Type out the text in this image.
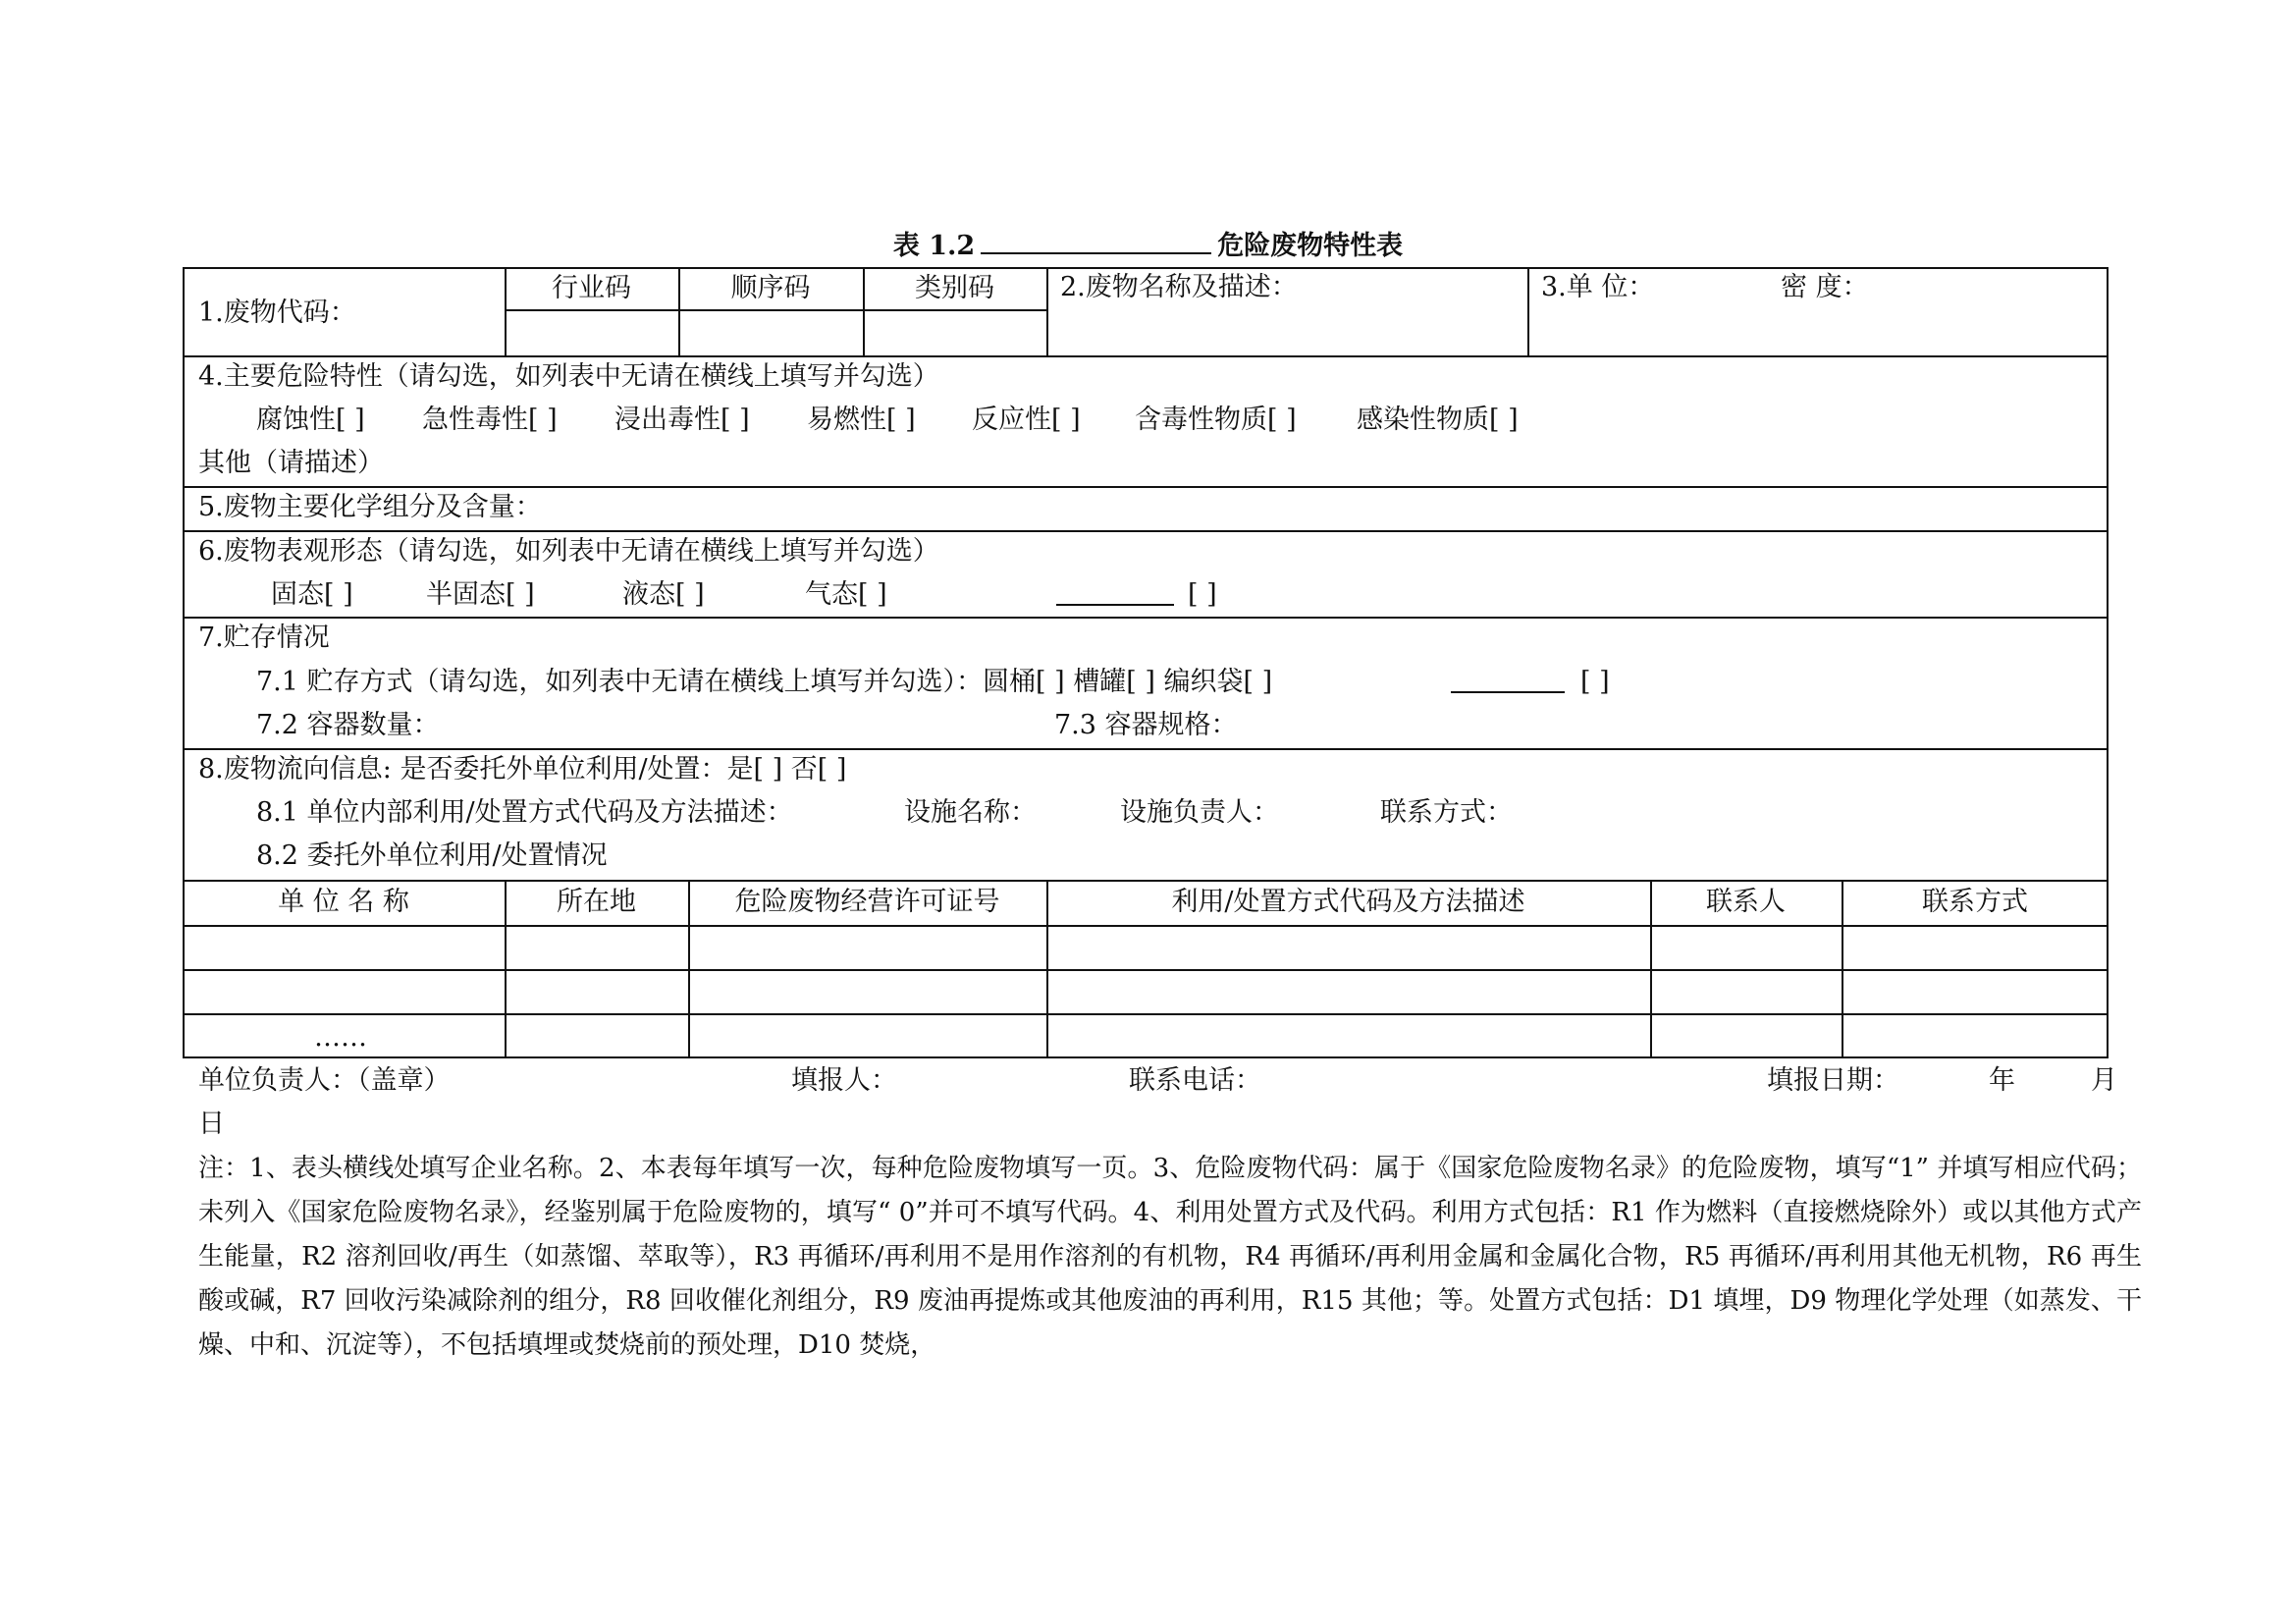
表 1.2	危险废物特性表
1.废物代码：
行业码	顺序码	类别码	2.废物名称及描述：	3.单 位：	密 度：
4.主要危险特性（请勾选，如列表中无请在横线上填写并勾选）
腐蚀性[ ] 急性毒性[ ] 浸出毒性[ ] 易燃性[ ] 反应性[ ] 含毒性物质[ ] 感染性物质[ ]
其他（请描述）
5.废物主要化学组分及含量：
6.废物表观形态（请勾选，如列表中无请在横线上填写并勾选）
固态[ ]	半固态[ ]	液态[ ]	气态[ ]	[ ]
7.贮存情况
7.1 贮存方式（请勾选，如列表中无请在横线上填写并勾选）：圆桶[ ] 槽罐[ ] 编织袋[ ]	[ ]
7.2 容器数量：	7.3 容器规格：
8.废物流向信息: 是否委托外单位利用/处置：是[ ] 否[ ]
8.1 单位内部利用/处置方式代码及方法描述：	设施名称：	设施负责人：	联系方式：
8.2 委托外单位利用/处置情况
单 位 名 称	所在地	危险废物经营许可证号	利用/处置方式代码及方法描述	联系人	联系方式
……
单位负责人：（盖章）	填报人：	联系电话：	填报日期：	年	月
日
注：1、表头横线处填写企业名称。2、本表每年填写一次，每种危险废物填写一页。3、危险废物代码：属于《国家危险废物名录》的危险废物，填写“1” 并填写相应代码；未列入《国家危险废物名录》，经鉴别属于危险废物的，填写“ 0”并可不填写代码。4、利用处置方式及代码。利用方式包括：R1 作为燃料（直接燃烧除外）或以其他方式产生能量，R2 溶剂回收/再生（如蒸馏、萃取等），R3 再循环/再利用不是用作溶剂的有机物，R4 再循环/再利用金属和金属化合物，R5 再循环/再利用其他无机物，R6 再生酸或碱，R7 回收污染减除剂的组分，R8 回收催化剂组分，R9 废油再提炼或其他废油的再利用，R15 其他；等。处置方式包括：D1 填埋，D9 物理化学处理（如蒸发、干燥、中和、沉淀等），不包括填埋或焚烧前的预处理，D10 焚烧，
